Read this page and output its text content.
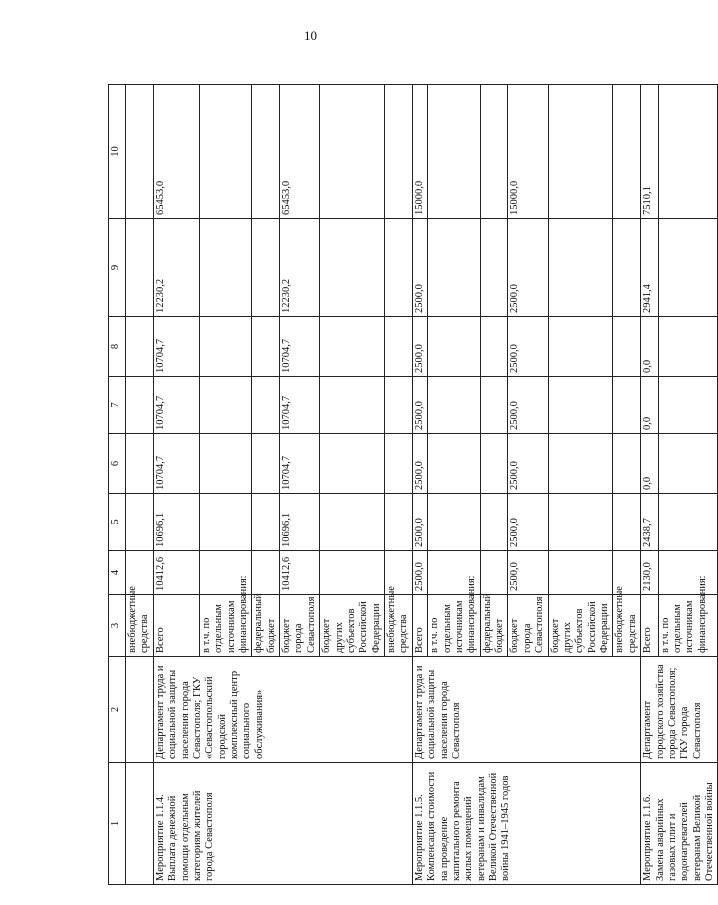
10
1	2	3	4	5	6	7	8	9	10
		внебюджетные средства							
Мероприятие 1.1.4. Выплата денежной помощи отдельным категориям жителей города Севастополя	Департамент труда и социальной защиты населения города Севастополя; ГКУ «Севастопольский городской комплексный центр социального обслуживания»	Всего	10412,6	10696,1	10704,7	10704,7	10704,7	12230,2	65453,0
		в т.ч. по отдельным источникам финансирования:							
		федеральный бюджет							
		бюджет города Севастополя	10412,6	10696,1	10704,7	10704,7	10704,7	12230,2	65453,0
		бюджет других субъектов Российской Федерации							
		внебюджетные средства							
Мероприятие 1.1.5. Компенсация стоимости на проведение капитального ремонта жилых помещений ветеранам и инвалидам Великой Отечественной войны 1941–1945 годов	Департамент труда и социальной защиты населения города Севастополя	Всего	2500,0	2500,0	2500,0	2500,0	2500,0	2500,0	15000,0
		в т.ч. по отдельным источникам финансирования:							
		федеральный бюджет							
		бюджет города Севастополя	2500,0	2500,0	2500,0	2500,0	2500,0	2500,0	15000,0
		бюджет других субъектов Российской Федерации							
		внебюджетные средства							
Мероприятие 1.1.6. Замена аварийных газовых плит и водонагревателей ветеранам Великой Отечественной войны	Департамент городского хозяйства города Севастополя; ГКУ города Севастополя	Всего	2130,0	2438,7	0,0	0,0	0,0	2941,4	7510,1
		в т.ч. по отдельным источникам финансирования:							
